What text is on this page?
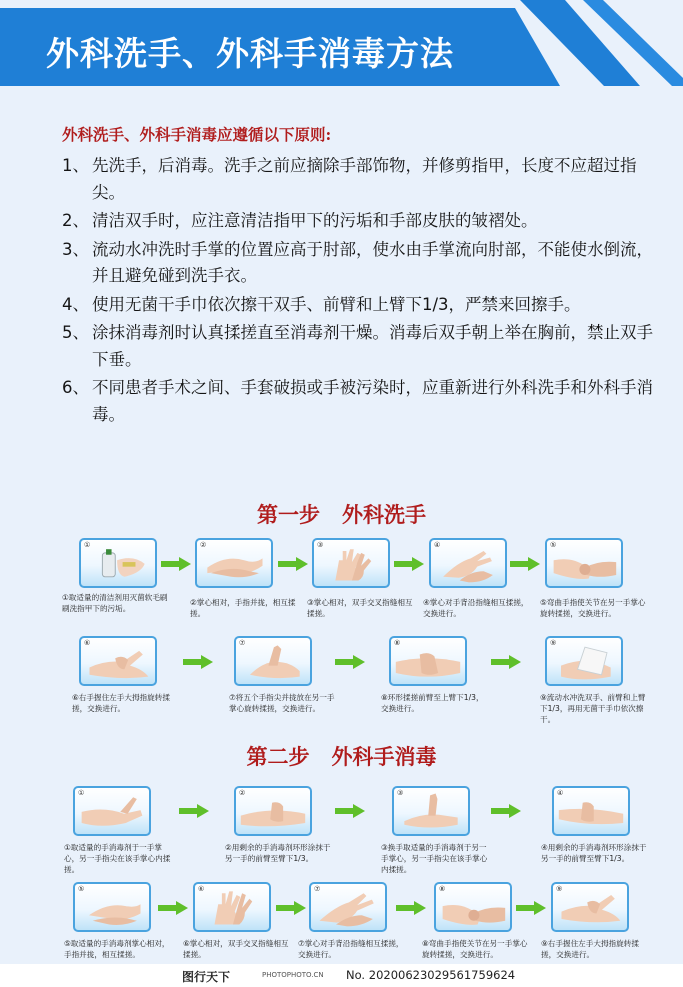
外科洗手、外科手消毒方法
外科洗手、外科手消毒应遵循以下原则:
1、 先洗手，后消毒。洗手之前应摘除手部饰物，并修剪指甲，长度不应超过指尖。
2、 清洁双手时，应注意清洁指甲下的污垢和手部皮肤的皱褶处。
3、 流动水冲洗时手掌的位置应高于肘部，使水由手掌流向肘部，不能使水倒流，并且避免碰到洗手衣。
4、 使用无菌干手巾依次擦干双手、前臂和上臂下1/3，严禁来回擦手。
5、 涂抹消毒剂时认真揉搓直至消毒剂干燥。消毒后双手朝上举在胸前，禁止双手下垂。
6、 不同患者手术之间、手套破损或手被污染时，应重新进行外科洗手和外科手消毒。
第一步   外科洗手
①
①取适量的清洁剂用灭菌软毛刷刷洗指甲下的污垢。
②
②掌心相对，手指并拢，相互揉搓。
③
③掌心相对，双手交叉指缝相互揉搓。
④
④掌心对手背沿指缝相互揉搓，交换进行。
⑤
⑤弯曲手指使关节在另一手掌心旋转揉搓，交换进行。
⑥
⑥右手握住左手大拇指旋转揉搓，交换进行。
⑦
⑦将五个手指尖并拢放在另一手掌心旋转揉搓，交换进行。
⑧
⑧环形揉搓前臂至上臂下1/3，交换进行。
⑨
⑨流动水冲洗双手、前臂和上臂下1/3，再用无菌干手巾依次擦干。
第二步   外科手消毒
①
①取适量的手消毒剂于一手掌心，另一手指尖在该手掌心内揉搓。
②
②用剩余的手消毒剂环形涂抹于另一手的前臂至臂下1/3。
③
③换手取适量的手消毒剂于另一手掌心，另一手指尖在该手掌心内揉搓。
④
④用剩余的手消毒剂环形涂抹于另一手的前臂至臂下1/3。
⑤
⑤取适量的手消毒剂掌心相对，手指并拢，相互揉搓。
⑥
⑥掌心相对，双手交叉指缝相互揉搓。
⑦
⑦掌心对手背沿指缝相互揉搓，交换进行。
⑧
⑧弯曲手指使关节在另一手掌心旋转揉搓，交换进行。
⑨
⑨右手握住左手大拇指旋转揉搓，交换进行。
图行天下	PHOTOPHOTO.CN No. 20200623029561759624
